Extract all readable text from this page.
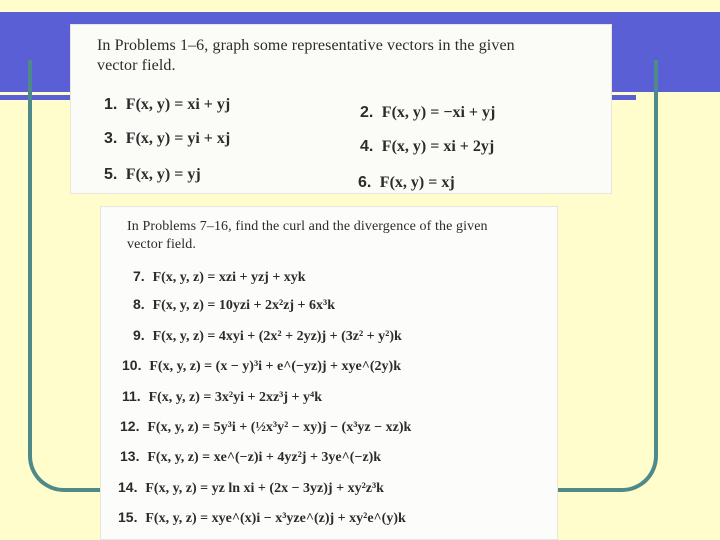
In Problems 1–6, graph some representative vectors in the given
vector field.
1. F(x, y) = xi + yj	2. F(x, y) = −xi + yj
3. F(x, y) = yi + xj	4. F(x, y) = xi + 2yj
5. F(x, y) = yj	6. F(x, y) = xj
In Problems 7–16, find the curl and the divergence of the given
vector field.
7. F(x, y, z) = xzi + yzj + xyk
8. F(x, y, z) = 10yzi + 2x²zj + 6x³k
9. F(x, y, z) = 4xyi + (2x² + 2yz)j + (3z² + y²)k
10. F(x, y, z) = (x − y)³i + e^(−yz)j + xye^(2y)k
11. F(x, y, z) = 3x²yi + 2xz³j + y⁴k
12. F(x, y, z) = 5y³i + (½x³y² − xy)j − (x³yz − xz)k
13. F(x, y, z) = xe^(−z)i + 4yz²j + 3ye^(−z)k
14. F(x, y, z) = yz ln xi + (2x − 3yz)j + xy²z³k
15. F(x, y, z) = xye^(x)i − x³yze^(z)j + xy²e^(y)k
